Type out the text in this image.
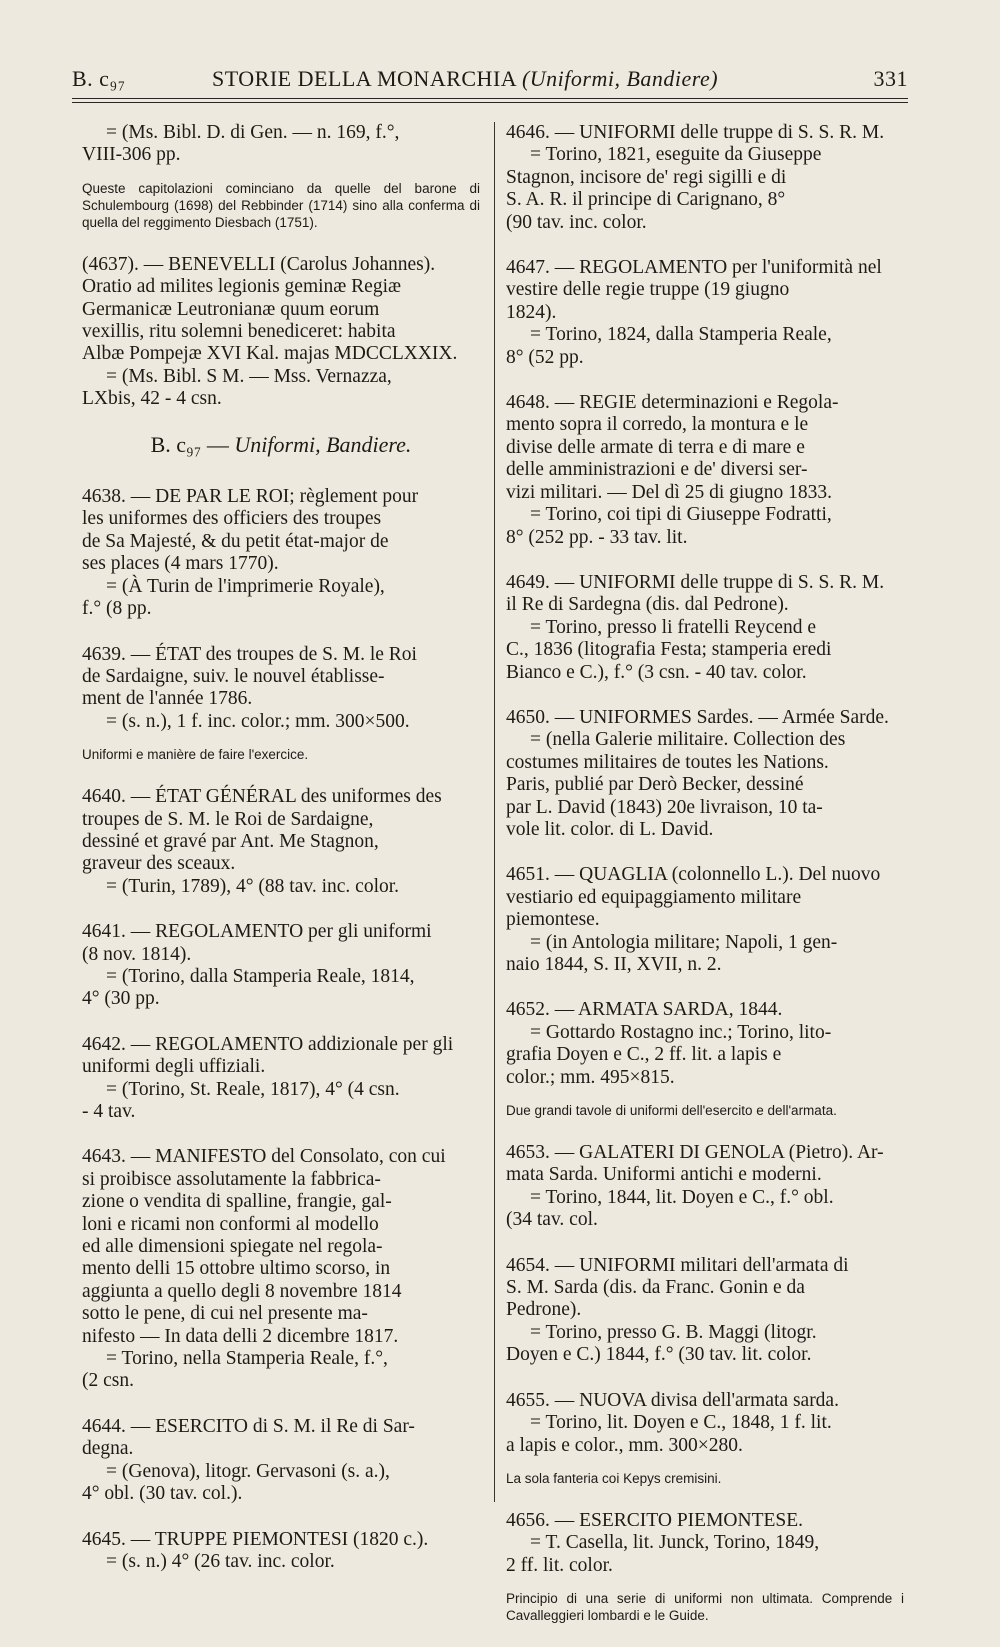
B. c₉₇	STORIE DELLA MONARCHIA (Uniformi, Bandiere)	331
= (Ms. Bibl. D. di Gen. — n. 169, f.°,
VIII-306 pp.
Queste capitolazioni cominciano da quelle del barone di Schulembourg (1698) del Rebbinder (1714) sino alla conferma di quella del reggimento Diesbach (1751).
(4637). — BENEVELLI (Carolus Johannes).
Oratio ad milites legionis geminæ Regiæ
Germanicæ Leutronianæ quum eorum
vexillis, ritu solemni benediceret: habita
Albæ Pompejæ XVI Kal. majas MDCCLXXIX.
= (Ms. Bibl. S M. — Mss. Vernazza,
LXbis, 42 - 4 csn.
B. c₉₇ — Uniformi, Bandiere.
4638. — DE PAR LE ROI; règlement pour
les uniformes des officiers des troupes
de Sa Majesté, & du petit état-major de
ses places (4 mars 1770).
= (À Turin de l'imprimerie Royale),
f.° (8 pp.
4639. — ÉTAT des troupes de S. M. le Roi
de Sardaigne, suiv. le nouvel établisse-
ment de l'année 1786.
= (s. n.), 1 f. inc. color.; mm. 300×500.
Uniformi e manière de faire l'exercice.
4640. — ÉTAT GÉNÉRAL des uniformes des
troupes de S. M. le Roi de Sardaigne,
dessiné et gravé par Ant. Me Stagnon,
graveur des sceaux.
= (Turin, 1789), 4° (88 tav. inc. color.
4641. — REGOLAMENTO per gli uniformi
(8 nov. 1814).
= (Torino, dalla Stamperia Reale, 1814,
4° (30 pp.
4642. — REGOLAMENTO addizionale per gli
uniformi degli uffiziali.
= (Torino, St. Reale, 1817), 4° (4 csn.
- 4 tav.
4643. — MANIFESTO del Consolato, con cui
si proibisce assolutamente la fabbrica-
zione o vendita di spalline, frangie, gal-
loni e ricami non conformi al modello
ed alle dimensioni spiegate nel regola-
mento delli 15 ottobre ultimo scorso, in
aggiunta a quello degli 8 novembre 1814
sotto le pene, di cui nel presente ma-
nifesto — In data delli 2 dicembre 1817.
= Torino, nella Stamperia Reale, f.°,
(2 csn.
4644. — ESERCITO di S. M. il Re di Sar-
degna.
= (Genova), litogr. Gervasoni (s. a.),
4° obl. (30 tav. col.).
4645. — TRUPPE PIEMONTESI (1820 c.).
= (s. n.) 4° (26 tav. inc. color.
4646. — UNIFORMI delle truppe di S. S. R. M.
= Torino, 1821, eseguite da Giuseppe
Stagnon, incisore de' regi sigilli e di
S. A. R. il principe di Carignano, 8°
(90 tav. inc. color.
4647. — REGOLAMENTO per l'uniformità nel
vestire delle regie truppe (19 giugno
1824).
= Torino, 1824, dalla Stamperia Reale,
8° (52 pp.
4648. — REGIE determinazioni e Regola-
mento sopra il corredo, la montura e le
divise delle armate di terra e di mare e
delle amministrazioni e de' diversi ser-
vizi militari. — Del dì 25 di giugno 1833.
= Torino, coi tipi di Giuseppe Fodratti,
8° (252 pp. - 33 tav. lit.
4649. — UNIFORMI delle truppe di S. S. R. M.
il Re di Sardegna (dis. dal Pedrone).
= Torino, presso li fratelli Reycend e
C., 1836 (litografia Festa; stamperia eredi
Bianco e C.), f.° (3 csn. - 40 tav. color.
4650. — UNIFORMES Sardes. — Armée Sarde.
= (nella Galerie militaire. Collection des
costumes militaires de toutes les Nations.
Paris, publié par Derò Becker, dessiné
par L. David (1843) 20e livraison, 10 ta-
vole lit. color. di L. David.
4651. — QUAGLIA (colonnello L.). Del nuovo
vestiario ed equipaggiamento militare
piemontese.
= (in Antologia militare; Napoli, 1 gen-
naio 1844, S. II, XVII, n. 2.
4652. — ARMATA SARDA, 1844.
= Gottardo Rostagno inc.; Torino, lito-
grafia Doyen e C., 2 ff. lit. a lapis e
color.; mm. 495×815.
Due grandi tavole di uniformi dell'esercito e dell'armata.
4653. — GALATERI DI GENOLA (Pietro). Ar-
mata Sarda. Uniformi antichi e moderni.
= Torino, 1844, lit. Doyen e C., f.° obl.
(34 tav. col.
4654. — UNIFORMI militari dell'armata di
S. M. Sarda (dis. da Franc. Gonin e da
Pedrone).
= Torino, presso G. B. Maggi (litogr.
Doyen e C.) 1844, f.° (30 tav. lit. color.
4655. — NUOVA divisa dell'armata sarda.
= Torino, lit. Doyen e C., 1848, 1 f. lit.
a lapis e color., mm. 300×280.
La sola fanteria coi Kepys cremisini.
4656. — ESERCITO PIEMONTESE.
= T. Casella, lit. Junck, Torino, 1849,
2 ff. lit. color.
Principio di una serie di uniformi non ultimata. Comprende i Cavalleggieri lombardi e le Guide.
